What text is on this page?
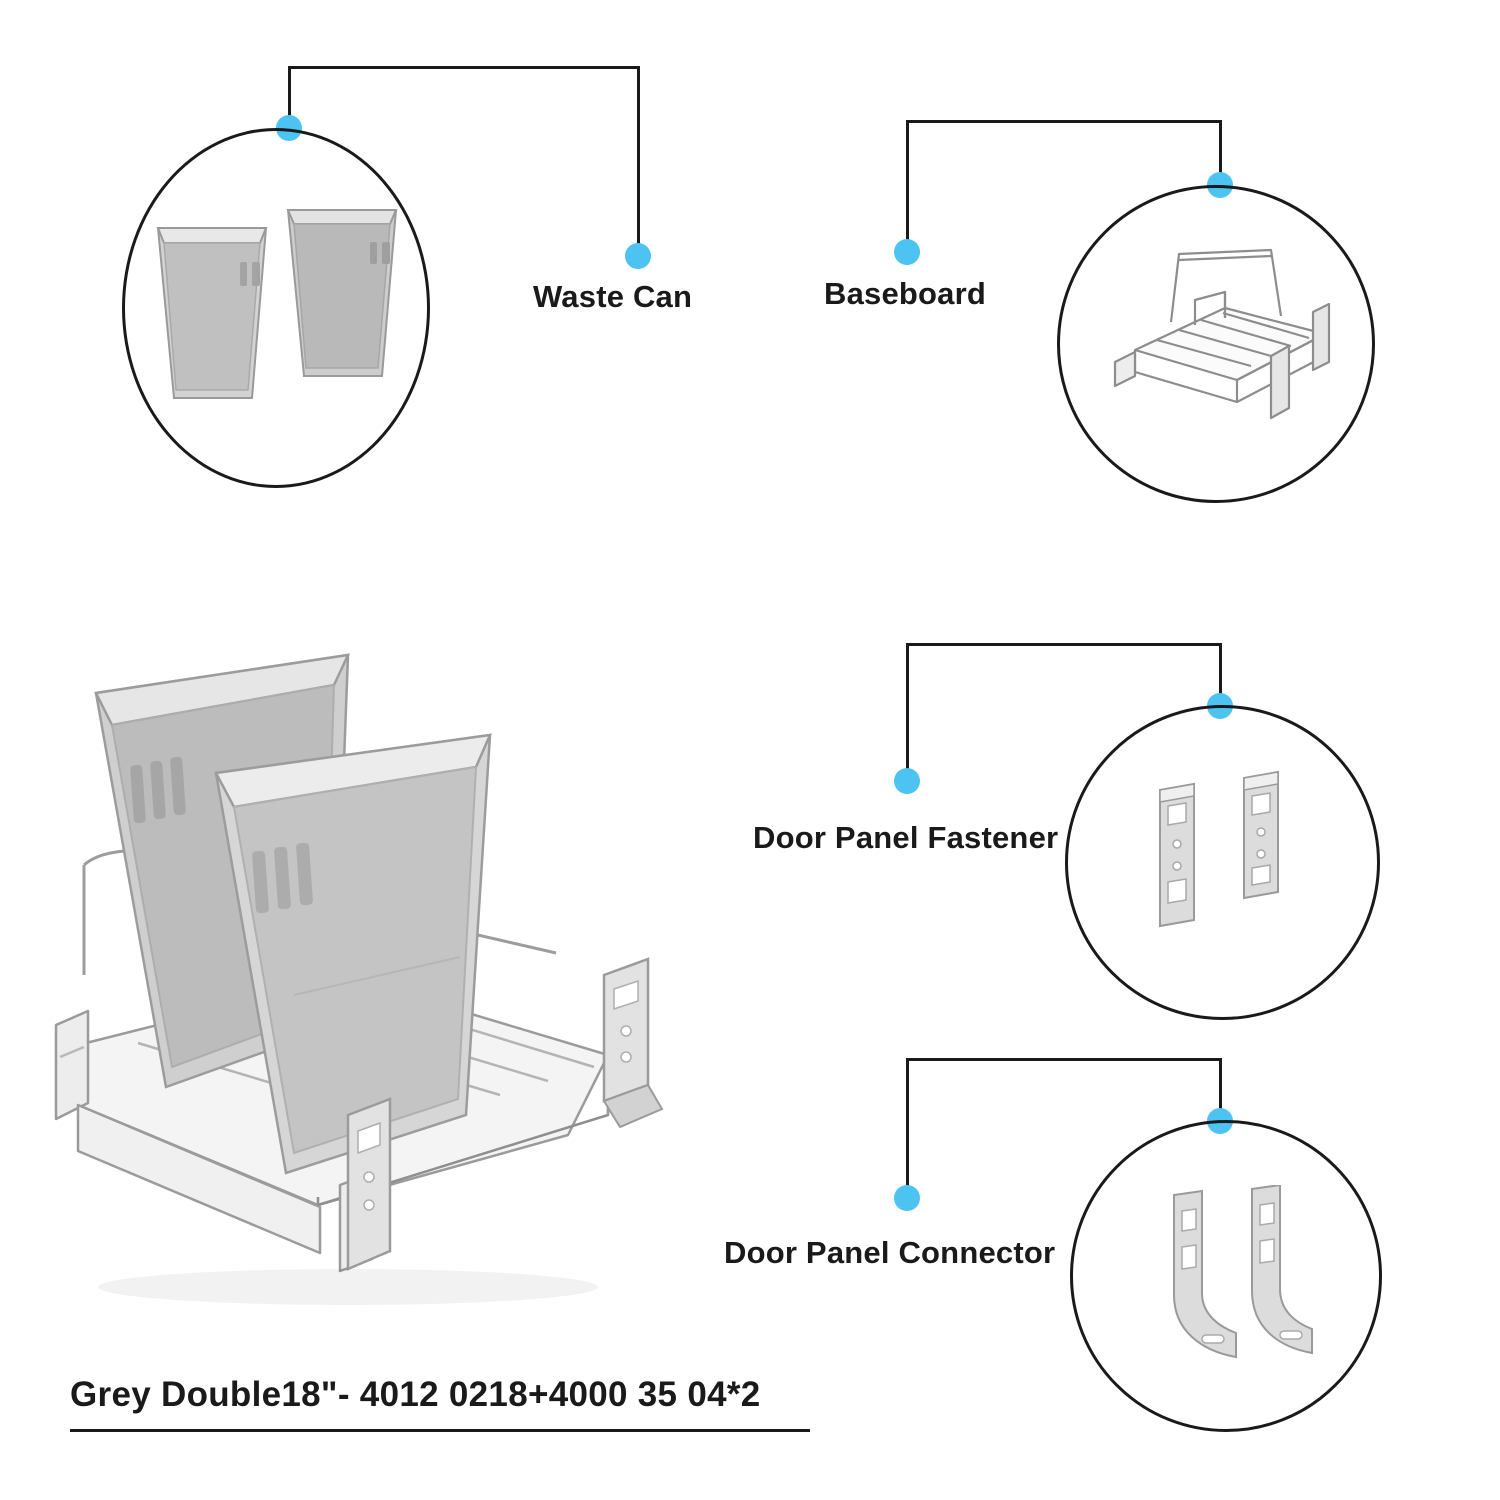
Waste Can	Baseboard
Door Panel Fastener
Door Panel Connector
Grey Double18"- 4012 0218+4000 35 04*2
